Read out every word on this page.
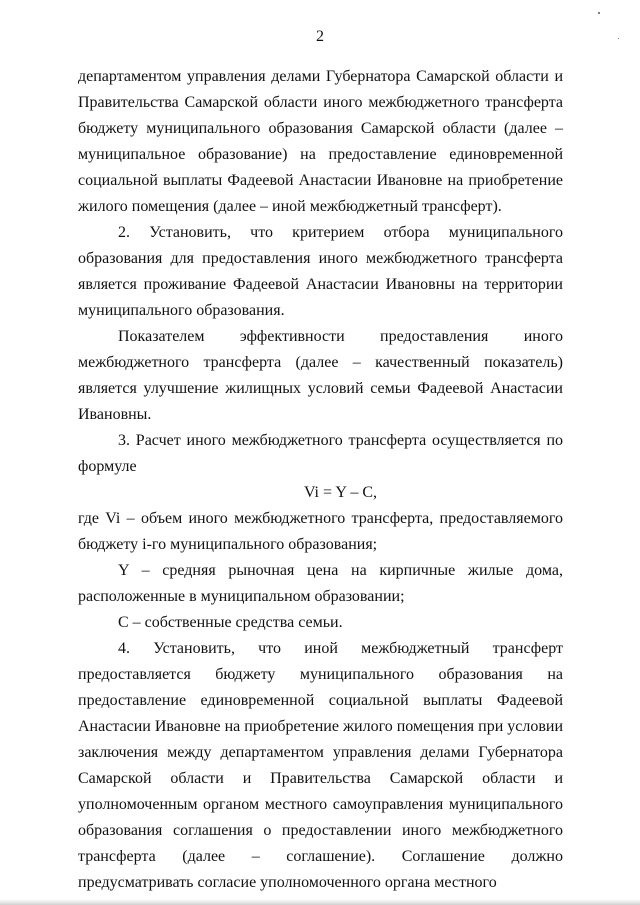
2

департаментом управления делами Губернатора Самарской области и Правительства Самарской области иного межбюджетного трансферта бюджету муниципального образования Самарской области (далее – муниципальное образование) на предоставление единовременной социальной выплаты Фадеевой Анастасии Ивановне на приобретение жилого помещения (далее – иной межбюджетный трансферт).

2. Установить, что критерием отбора муниципального образования для предоставления иного межбюджетного трансферта является проживание Фадеевой Анастасии Ивановны на территории муниципального образования.

Показателем эффективности предоставления иного межбюджетного трансферта (далее – качественный показатель) является улучшение жилищных условий семьи Фадеевой Анастасии Ивановны.

3. Расчет иного межбюджетного трансферта осуществляется по формуле

Vi = Y – C,

где Vi – объем иного межбюджетного трансферта, предоставляемого бюджету i-го муниципального образования;

Y – средняя рыночная цена на кирпичные жилые дома, расположенные в муниципальном образовании;

С – собственные средства семьи.

4. Установить, что иной межбюджетный трансферт предоставляется бюджету муниципального образования на предоставление единовременной социальной выплаты Фадеевой Анастасии Ивановне на приобретение жилого помещения при условии заключения между департаментом управления делами Губернатора Самарской области и Правительства Самарской области и уполномоченным органом местного самоуправления муниципального образования соглашения о предоставлении иного межбюджетного трансферта (далее – соглашение). Соглашение должно предусматривать согласие уполномоченного органа местного
